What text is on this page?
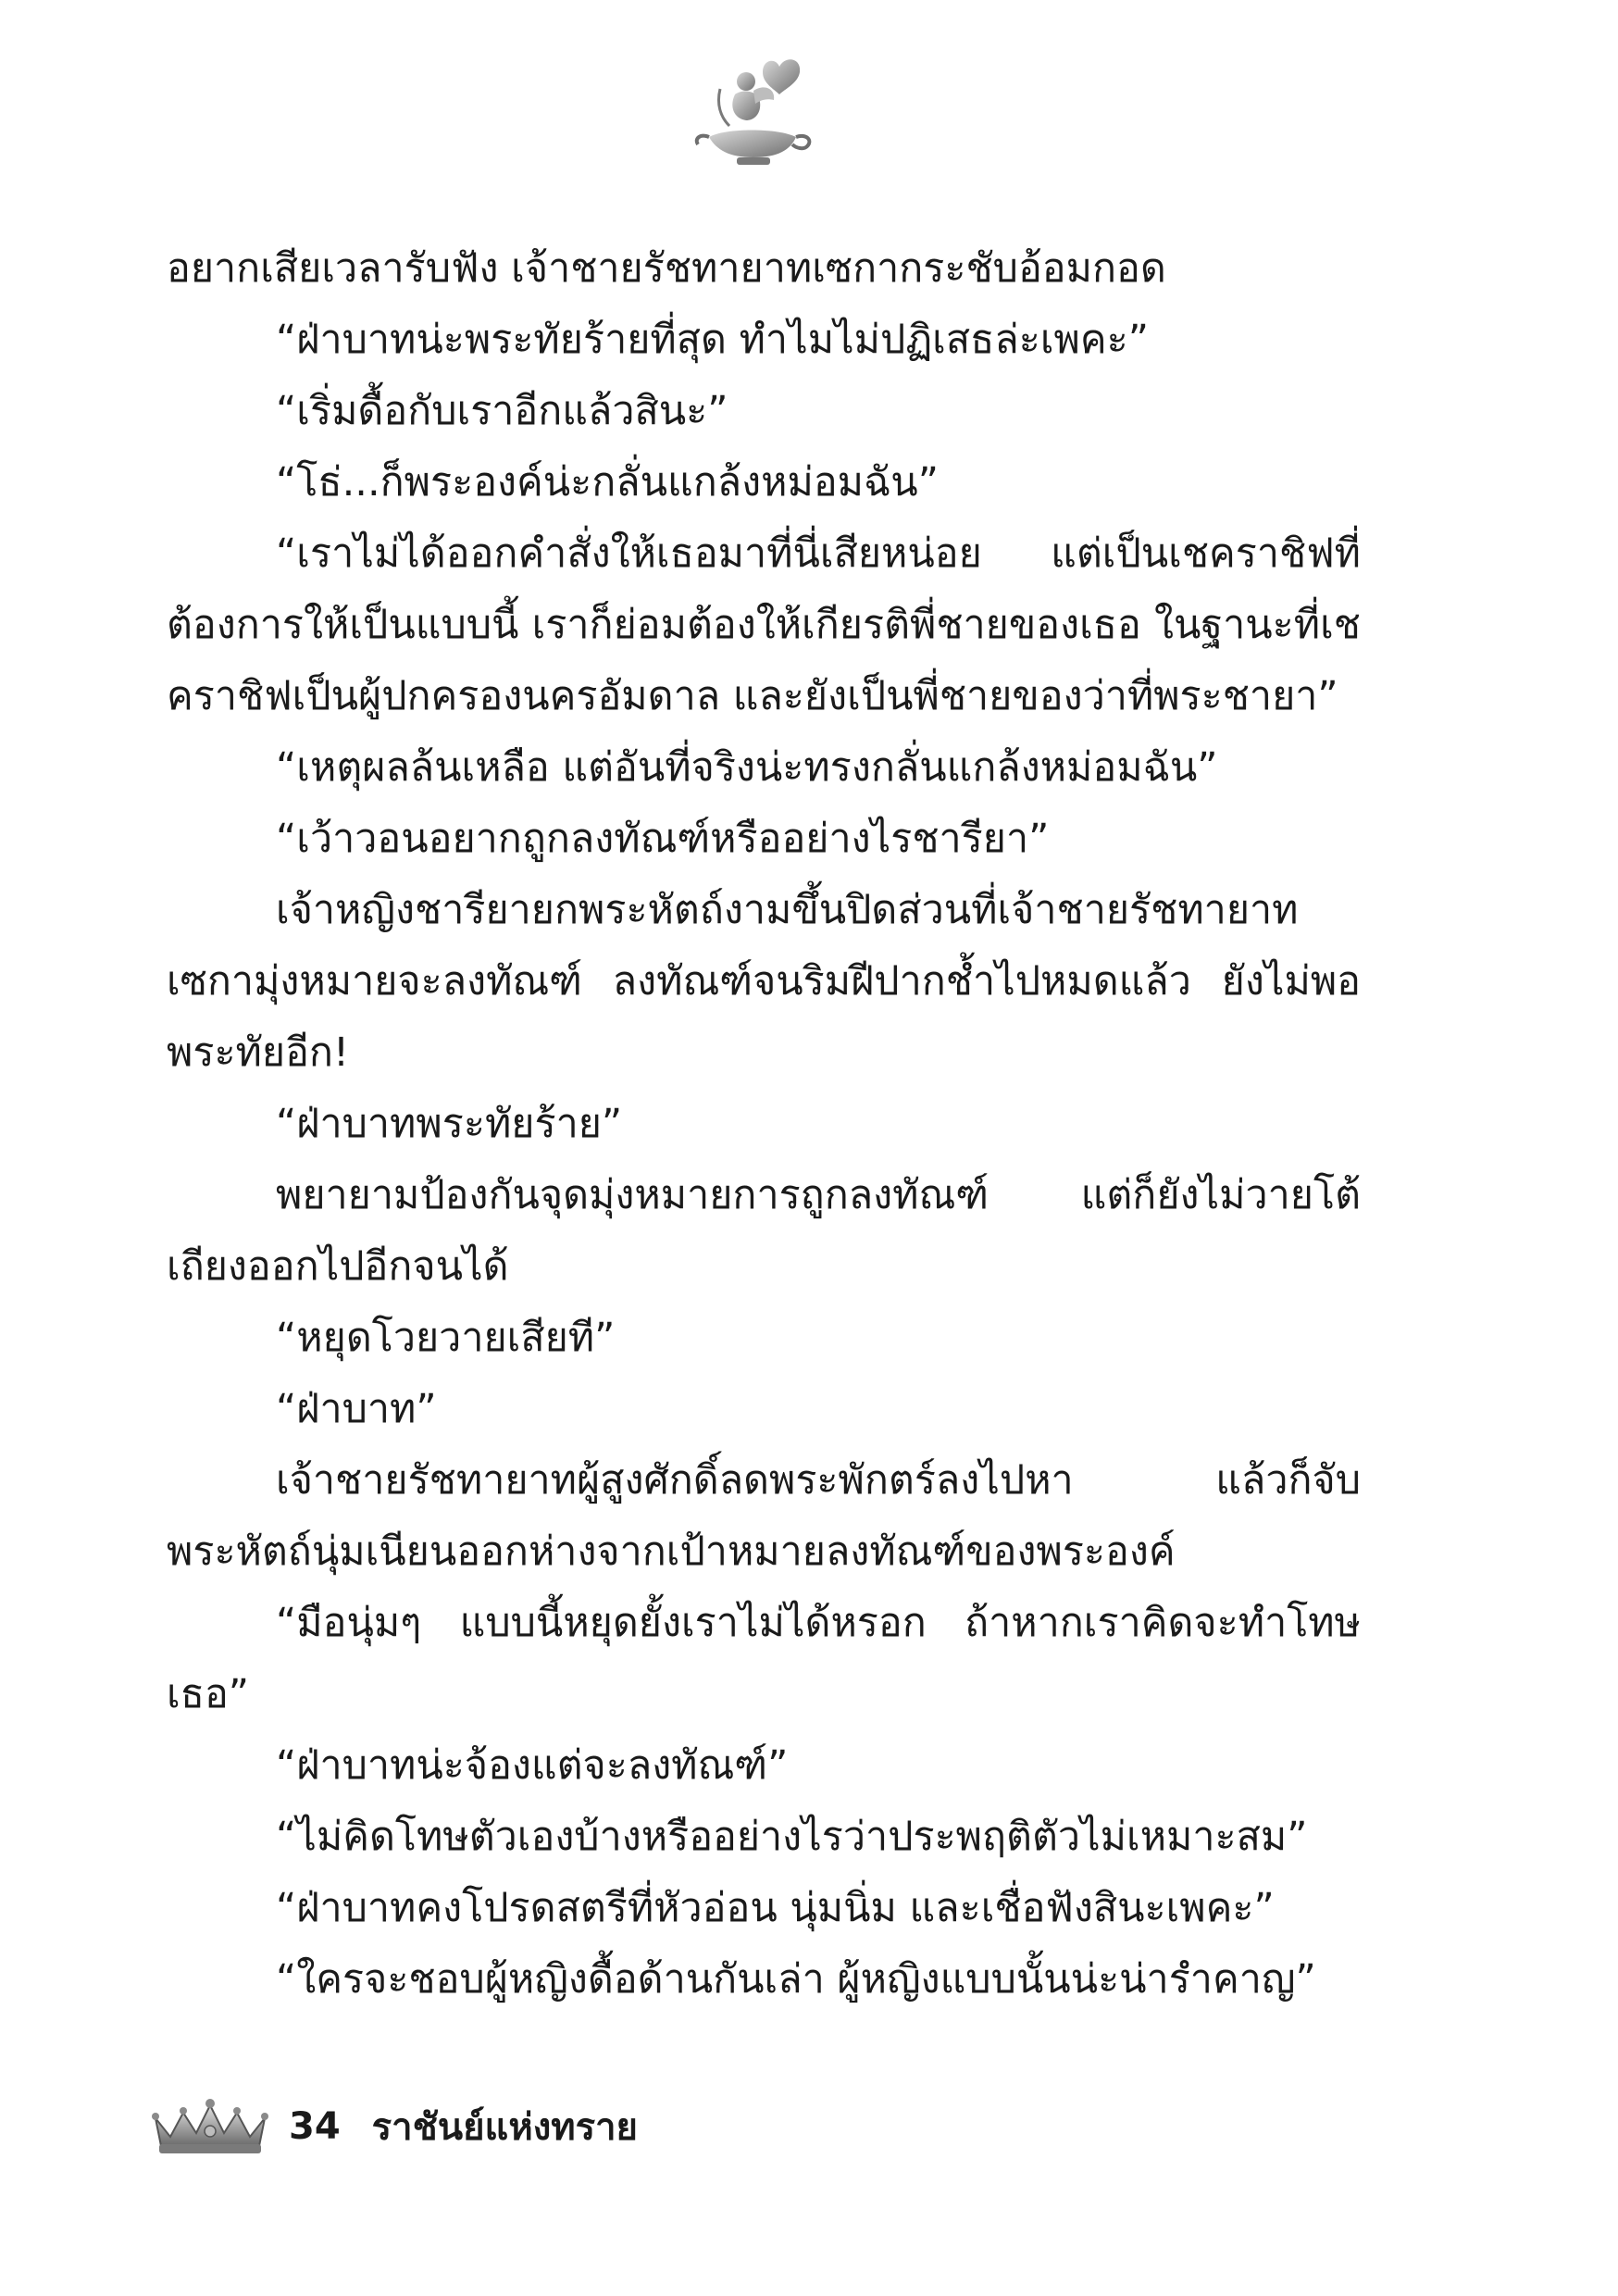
อยากเสียเวลารับฟัง เจ้าชายรัชทายาทเซกากระชับอ้อมกอด

“ฝ่าบาทน่ะพระทัยร้ายที่สุด ทำไมไม่ปฏิเสธล่ะเพคะ”

“เริ่มดื้อกับเราอีกแล้วสินะ”

“โธ่...ก็พระองค์น่ะกลั่นแกล้งหม่อมฉัน”

“เราไม่ได้ออกคำสั่งให้เธอมาที่นี่เสียหน่อย แต่เป็นเชคราชิฟที่ต้องการให้เป็นแบบนี้ เราก็ย่อมต้องให้เกียรติพี่ชายของเธอ ในฐานะที่เชคราชิฟเป็นผู้ปกครองนครอัมดาล และยังเป็นพี่ชายของว่าที่พระชายา”

“เหตุผลล้นเหลือ แต่อันที่จริงน่ะทรงกลั่นแกล้งหม่อมฉัน”

“เว้าวอนอยากถูกลงทัณฑ์หรืออย่างไรชารียา”

เจ้าหญิงชารียายกพระหัตถ์งามขึ้นปิดส่วนที่เจ้าชายรัชทายาทเซกามุ่งหมายจะลงทัณฑ์ ลงทัณฑ์จนริมฝีปากช้ำไปหมดแล้ว ยังไม่พอพระทัยอีก!

“ฝ่าบาทพระทัยร้าย”

พยายามป้องกันจุดมุ่งหมายการถูกลงทัณฑ์ แต่ก็ยังไม่วายโต้เถียงออกไปอีกจนได้

“หยุดโวยวายเสียที”

“ฝ่าบาท”

เจ้าชายรัชทายาทผู้สูงศักดิ์ลดพระพักตร์ลงไปหา แล้วก็จับพระหัตถ์นุ่มเนียนออกห่างจากเป้าหมายลงทัณฑ์ของพระองค์

“มือนุ่มๆ แบบนี้หยุดยั้งเราไม่ได้หรอก ถ้าหากเราคิดจะทำโทษเธอ”

“ฝ่าบาทน่ะจ้องแต่จะลงทัณฑ์”

“ไม่คิดโทษตัวเองบ้างหรืออย่างไรว่าประพฤติตัวไม่เหมาะสม”

“ฝ่าบาทคงโปรดสตรีที่หัวอ่อน นุ่มนิ่ม และเชื่อฟังสินะเพคะ”

“ใครจะชอบผู้หญิงดื้อด้านกันเล่า ผู้หญิงแบบนั้นน่ะน่ารำคาญ”

34 ราชันย์แห่งทราย
